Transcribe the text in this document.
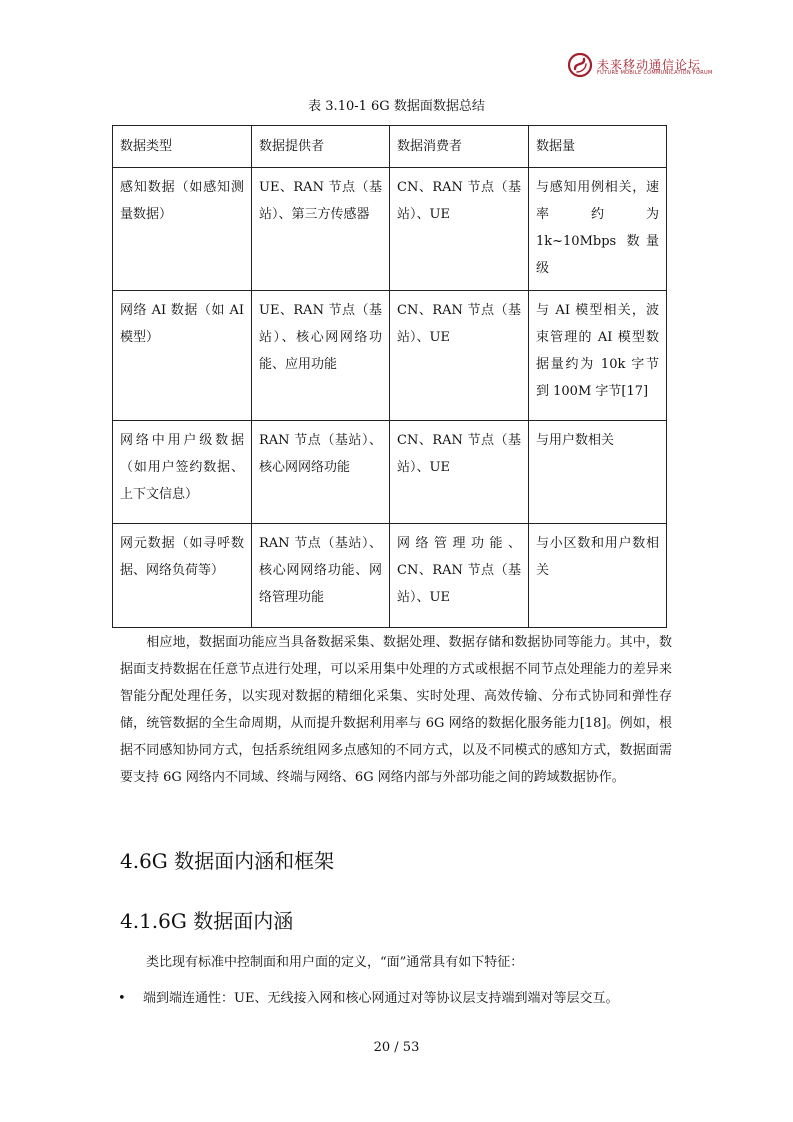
未来移动通信论坛
FUTURE MOBILE COMMUNICATION FORUM
表 3.10-1 6G 数据面数据总结
数据类型	数据提供者	数据消费者	数据量
感知数据（如感知测量数据）	UE、RAN 节点（基站）、第三方传感器	CN、RAN 节点（基站）、UE	与感知用例相关，速率约为 1k~10Mbps 数量级
网络 AI 数据（如 AI 模型）	UE、RAN 节点（基站）、核心网网络功能、应用功能	CN、RAN 节点（基站）、UE	与 AI 模型相关，波束管理的 AI 模型数据量约为 10k 字节到 100M 字节[17]
网络中用户级数据（如用户签约数据、上下文信息）	RAN 节点（基站）、核心网网络功能	CN、RAN 节点（基站）、UE	与用户数相关
网元数据（如寻呼数据、网络负荷等）	RAN 节点（基站）、核心网网络功能、网络管理功能	网络管理功能、CN、RAN 节点（基站）、UE	与小区数和用户数相关
　　相应地，数据面功能应当具备数据采集、数据处理、数据存储和数据协同等能力。其中，数据面支持数据在任意节点进行处理，可以采用集中处理的方式或根据不同节点处理能力的差异来智能分配处理任务，以实现对数据的精细化采集、实时处理、高效传输、分布式协同和弹性存储，统管数据的全生命周期，从而提升数据利用率与 6G 网络的数据化服务能力[18]。例如，根据不同感知协同方式，包括系统组网多点感知的不同方式，以及不同模式的感知方式，数据面需要支持 6G 网络内不同域、终端与网络、6G 网络内部与外部功能之间的跨域数据协作。
4.6G 数据面内涵和框架
4.1.6G 数据面内涵
　　类比现有标准中控制面和用户面的定义，“面”通常具有如下特征：
• 端到端连通性：UE、无线接入网和核心网通过对等协议层支持端到端对等层交互。
20 / 53
